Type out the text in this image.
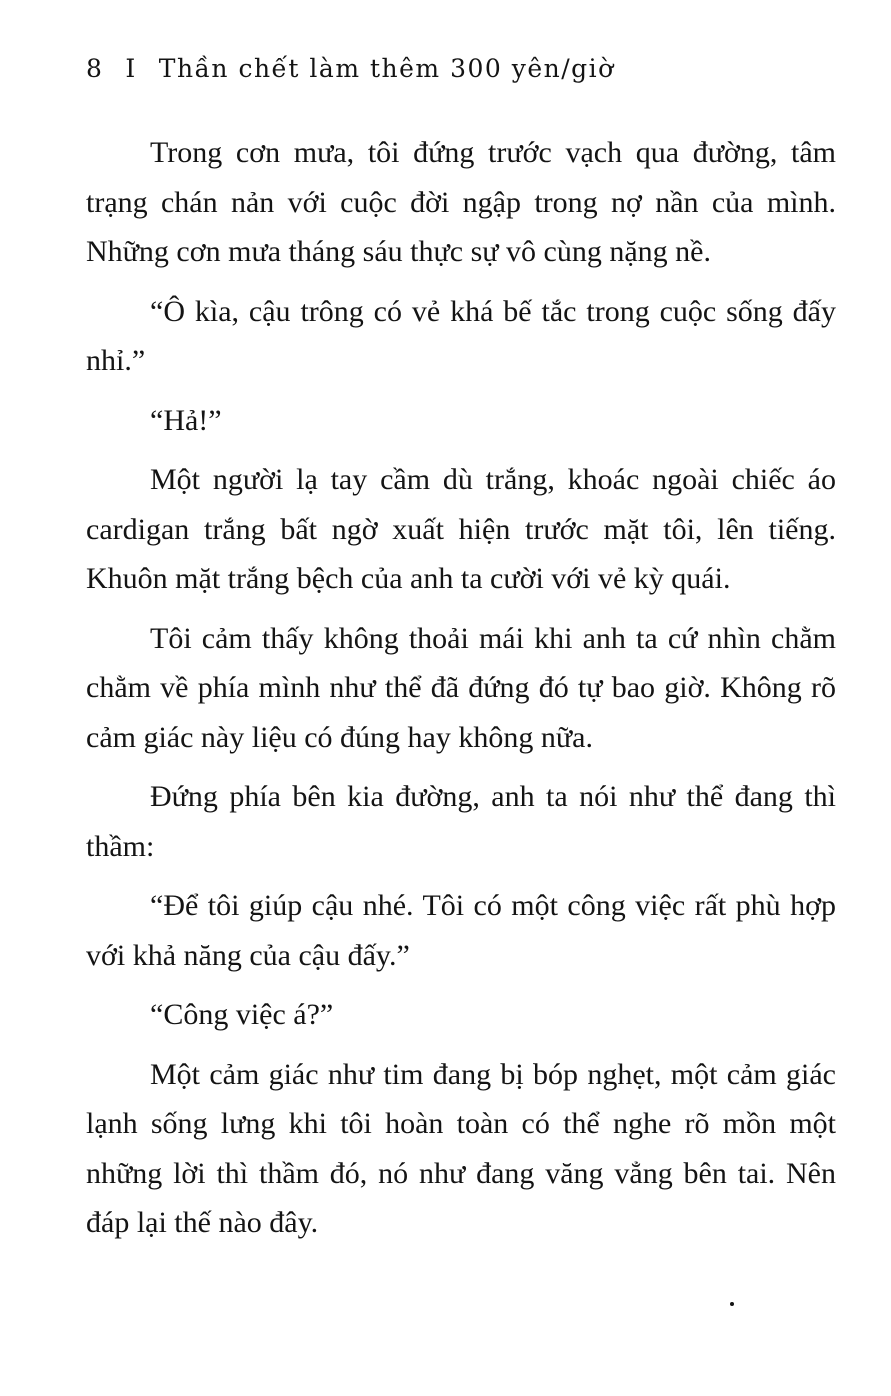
8 I Thần chết làm thêm 300 yên/giờ

Trong cơn mưa, tôi đứng trước vạch qua đường, tâm trạng chán nản với cuộc đời ngập trong nợ nần của mình. Những cơn mưa tháng sáu thực sự vô cùng nặng nề.

“Ô kìa, cậu trông có vẻ khá bế tắc trong cuộc sống đấy nhỉ.”

“Hả!”

Một người lạ tay cầm dù trắng, khoác ngoài chiếc áo cardigan trắng bất ngờ xuất hiện trước mặt tôi, lên tiếng. Khuôn mặt trắng bệch của anh ta cười với vẻ kỳ quái.

Tôi cảm thấy không thoải mái khi anh ta cứ nhìn chằm chằm về phía mình như thể đã đứng đó tự bao giờ. Không rõ cảm giác này liệu có đúng hay không nữa.

Đứng phía bên kia đường, anh ta nói như thể đang thì thầm:

“Để tôi giúp cậu nhé. Tôi có một công việc rất phù hợp với khả năng của cậu đấy.”

“Công việc á?”

Một cảm giác như tim đang bị bóp nghẹt, một cảm giác lạnh sống lưng khi tôi hoàn toàn có thể nghe rõ mồn một những lời thì thầm đó, nó như đang văng vẳng bên tai. Nên đáp lại thế nào đây.
